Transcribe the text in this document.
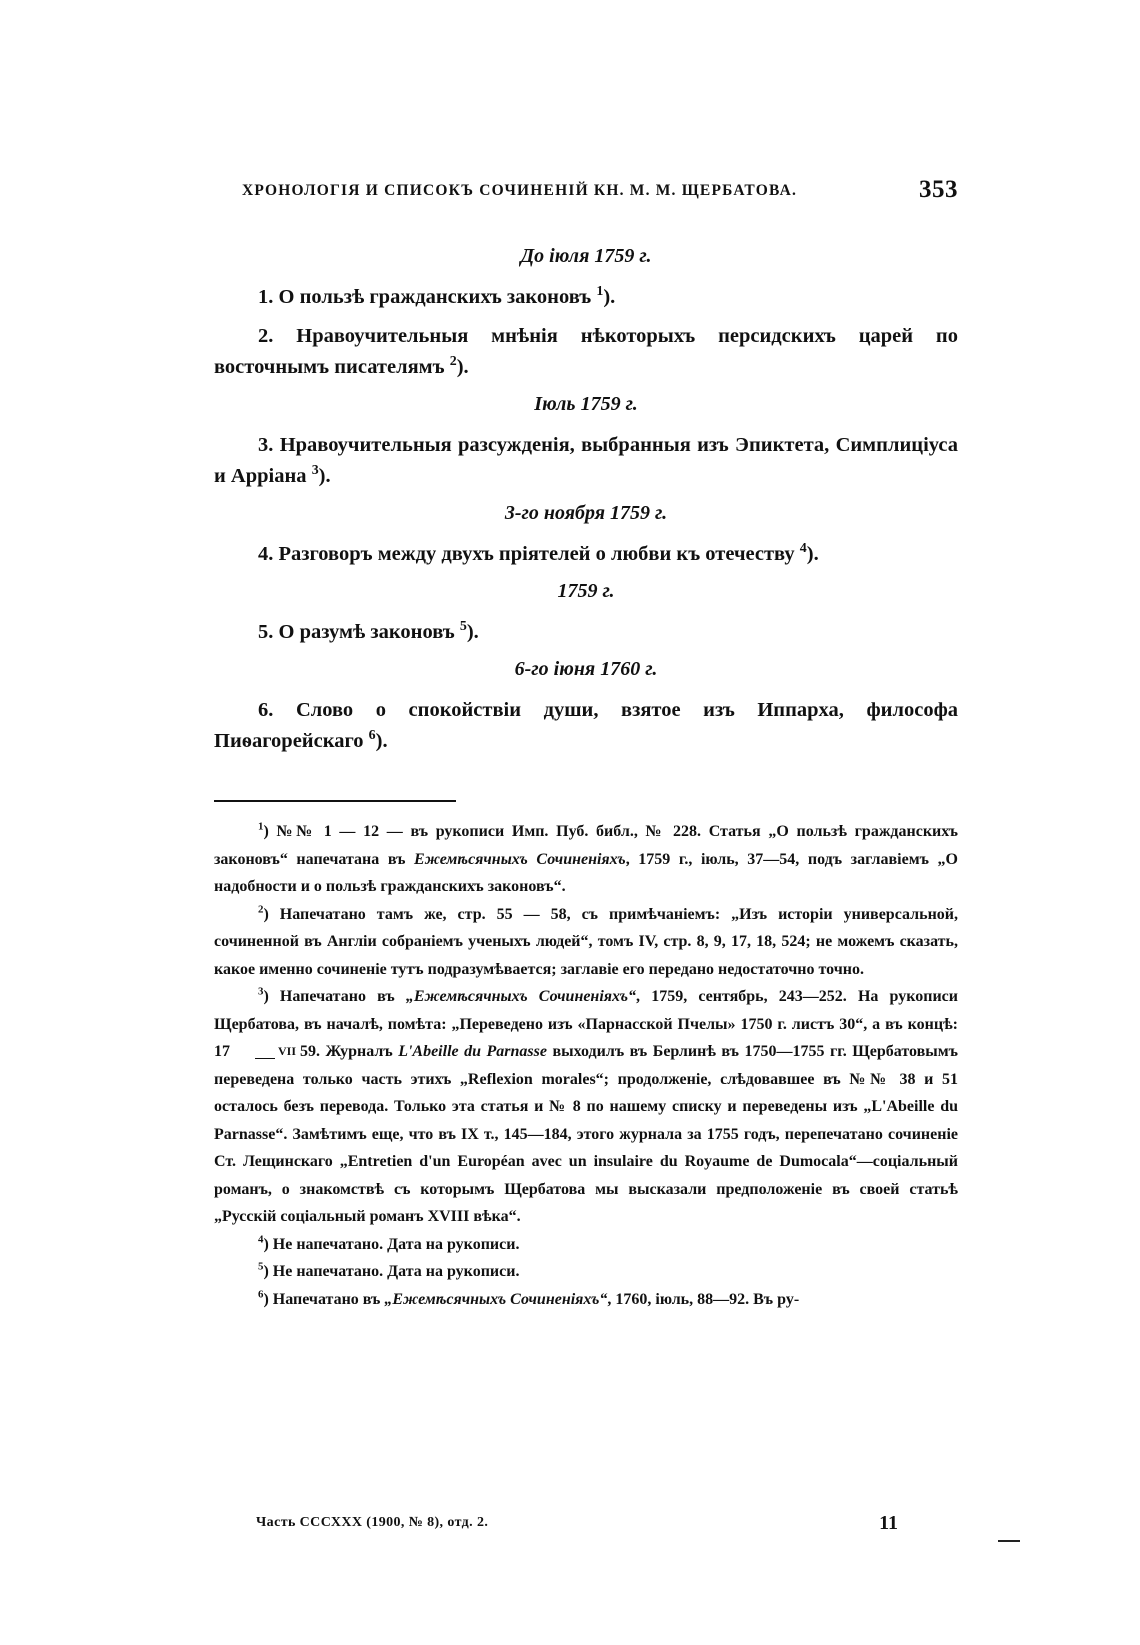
ХРОНОЛОГІЯ И СПИСОКЪ СОЧИНЕНІЙ КН. М. М. ЩЕРБАТОВА.	353
До іюля 1759 г.

1. О пользѣ гражданскихъ законовъ $^1$).

2. Нравоучительныя мнѣнія нѣкоторыхъ персидскихъ царей по восточнымъ писателямъ $^2$).

Іюль 1759 г.

3. Нравоучительныя разсужденія, выбранныя изъ Эпиктета, Симплиціуса и Арріана $^3$).

3-го ноября 1759 г.

4. Разговоръ между двухъ пріятелей о любви къ отечеству $^4$).

1759 г.

5. О разумѣ законовъ $^5$).

6-го іюня 1760 г.

6. Слово о спокойствіи души, взятое изъ Иппарха, философа Пиѳагорейскаго $^6$).

$^1$) №№ 1 — 12 — въ рукописи Имп. Пуб. библ., № 228. Статья „О пользѣ гражданскихъ законовъ“ напечатана въ Ежемѣсячныхъ Сочиненіяхъ, 1759 г., іюль, 37—54, подъ заглавіемъ „О надобности и о пользѣ гражданскихъ законовъ“.

$^2$) Напечатано тамъ же, стр. 55 — 58, съ примѣчаніемъ: „Изъ исторіи универсальной, сочиненной въ Англіи собраніемъ ученыхъ людей“, томъ IV, стр. 8, 9, 17, 18, 524; не можемъ сказать, какое именно сочиненіе тутъ подразумѣвается; заглавіе его передано недостаточно точно.

$^3$) Напечатано въ „Ежемѣсячныхъ Сочиненіяхъ“, 1759, сентябрь, 243—252. На рукописи Щербатова, въ началѣ, помѣта: „Переведено изъ «Парнасской Пчелы» 1750 г. листъ 30“, а въ концѣ: 17	VII 59. Журналъ L'Abeille du Parnasse выходилъ въ Берлинѣ въ 1750—1755 гг. Щербатовымъ переведена только часть этихъ „Reflexion morales“; продолженіе, слѣдовавшее въ №№ 38 и 51 осталось безъ перевода. Только эта статья и № 8 по нашему списку и переведены изъ „L'Abeille du Parnasse“. Замѣтимъ еще, что въ IX т., 145—184, этого журнала за 1755 годъ, перепечатано сочиненіе Ст. Лещинскаго „Entretien d'un Européan avec un insulaire du Royaume de Dumocala“—соціальный романъ, о знакомствѣ съ которымъ Щербатова мы высказали предположеніе въ своей статьѣ „Русскій соціальный романъ XVIII вѣка“.

$^4$) Не напечатано. Дата на рукописи.

$^5$) Не напечатано. Дата на рукописи.

$^6$) Напечатано въ „Ежемѣсячныхъ Сочиненіяхъ“, 1760, іюль, 88—92. Въ ру-

Часть СССХХХ (1900, № 8), отд. 2.	11
